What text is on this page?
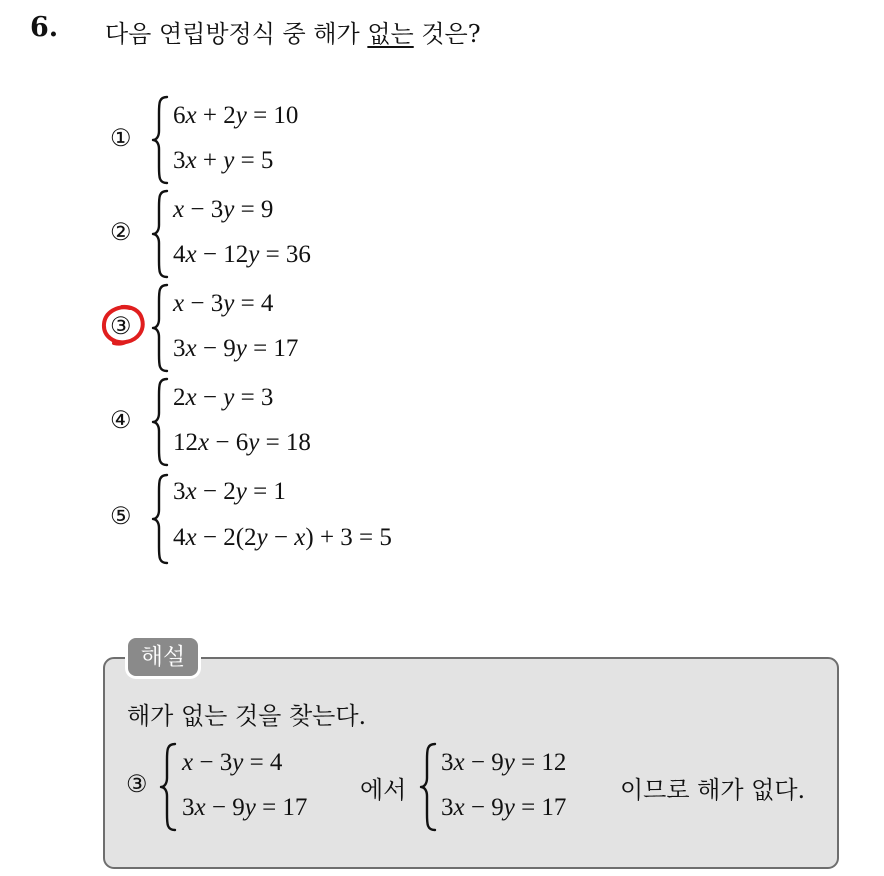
6. 다음 연립방정식 중 해가 없는 것은?
①
6x + 2y = 10
3x + y = 5
②
x − 3y = 9
4x − 12y = 36
③
x − 3y = 4
3x − 9y = 17
④
2x − y = 3
12x − 6y = 18
⑤
3x − 2y = 1
4x − 2(2y − x) + 3 = 5
해설
해가 없는 것을 찾는다.
③
x − 3y = 4
3x − 9y = 17
에서
3x − 9y = 12
3x − 9y = 17
이므로 해가 없다.
